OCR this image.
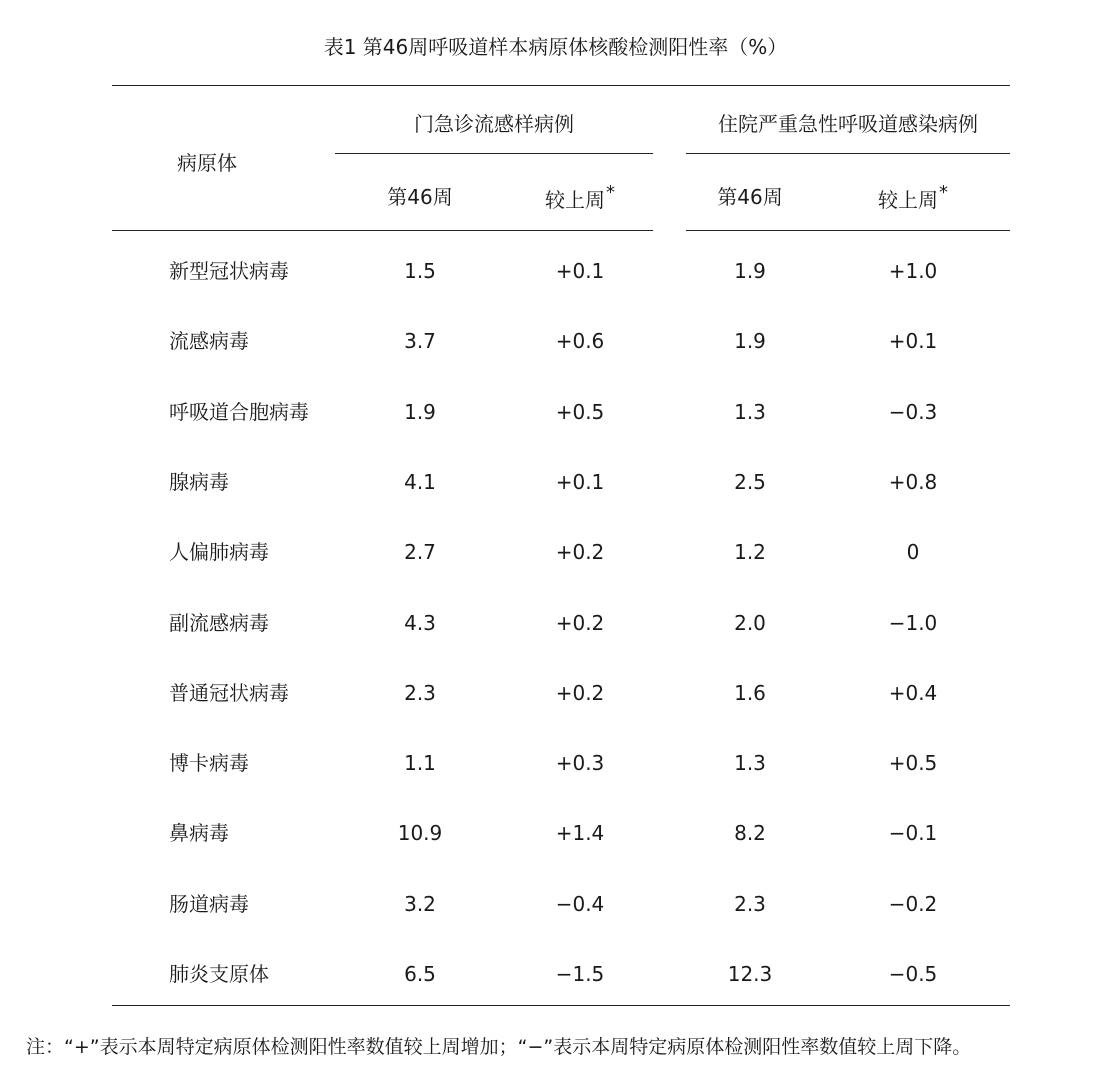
表1 第46周呼吸道样本病原体核酸检测阳性率（%）
病原体
门急诊流感样病例	住院严重急性呼吸道感染病例
第46周	较上周*	第46周	较上周*
新型冠状病毒	1.5	+0.1	1.9	+1.0
流感病毒	3.7	+0.6	1.9	+0.1
呼吸道合胞病毒	1.9	+0.5	1.3	−0.3
腺病毒	4.1	+0.1	2.5	+0.8
人偏肺病毒	2.7	+0.2	1.2	0
副流感病毒	4.3	+0.2	2.0	−1.0
普通冠状病毒	2.3	+0.2	1.6	+0.4
博卡病毒	1.1	+0.3	1.3	+0.5
鼻病毒	10.9	+1.4	8.2	−0.1
肠道病毒	3.2	−0.4	2.3	−0.2
肺炎支原体	6.5	−1.5	12.3	−0.5
注：“+”表示本周特定病原体检测阳性率数值较上周增加；“−”表示本周特定病原体检测阳性率数值较上周下降。
